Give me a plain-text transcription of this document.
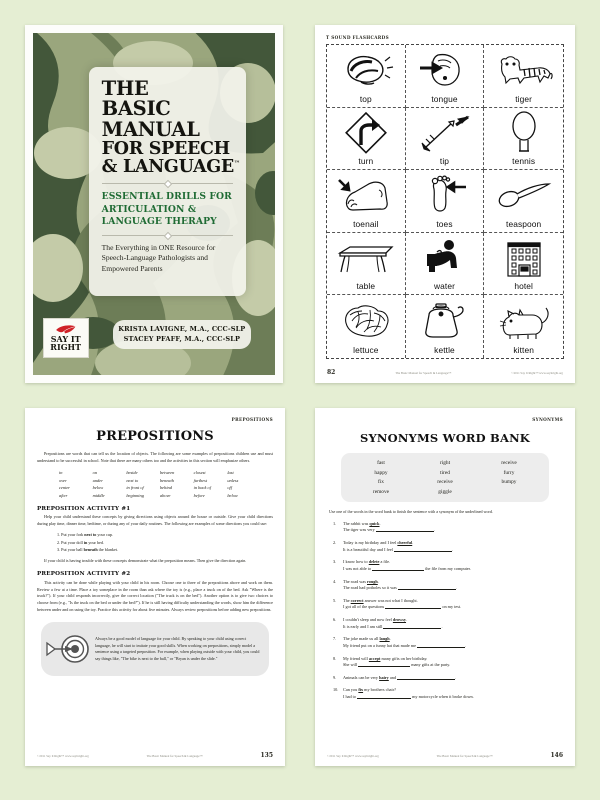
THE
BASIC
MANUAL
FOR SPEECH
& LANGUAGE™
ESSENTIAL DRILLS FOR
ARTICULATION &
LANGUAGE THERAPY
The Everything in ONE Resource for
Speech-Language Pathologists and
Empowered Parents
SAY IT
RIGHT
KRISTA LAVIGNE, M.A., CCC-SLP
STACEY PFAFF, M.A., CCC-SLP
T SOUND FLASHCARDS
top	tongue	tiger
turn	tip	tennis
toenail	toes	teaspoon
table	water	hotel
lettuce	kettle	kitten
82	The Basic Manual for Speech & Language™	©2011 Say It Right™ www.sayitright.org
PREPOSITIONS
PREPOSITIONS
Prepositions are words that can tell us the location of objects. The following are some examples of prepositions children use and must understand to be successful in school. Note that there are many others too and the activities in this section will emphasize others.
in	on	beside	between	closest	last
over	under	next to	beneath	furthest	unless
center	below	in front of	behind	in back of	off
after	middle	beginning	above	before	below
PREPOSITION ACTIVITY #1
Help your child understand these concepts by giving directions using objects around the house or outside. Give your child directions during play time, dinner time, bedtime, or during any of your daily routines. The following are examples of some directions you could use:
1. Put your fork next to your cup.
2. Put your doll in your bed.
3. Put your ball beneath the blanket.
If your child is having trouble with these concepts demonstrate what the preposition means. Then give the direction again.
PREPOSITION ACTIVITY #2
This activity can be done while playing with your child in his room. Choose one to three of the prepositions above and work on them. Review a few at a time. Place a toy someplace in the room than ask where the toy is (e.g., place a truck on of the bed. Ask "Where is the truck?"). If your child responds incorrectly, give the correct location ("The truck is on the bed"). Another option is to give two choices to choose from (e.g., "Is the truck on the bed or under the bed?"). If he is still having difficulty understanding the words, show him the difference between under and on using the toy. Practice this activity for about five minutes. Always review prepositions before adding new prepositions.
Always be a good model of language for your child. By speaking to your child using correct language, he will start to imitate your good skills. When working on prepositions, simply model a sentence using a targeted preposition. For example, when playing outside with your child, you could say things like, "The bike is next to the ball," or "Bryan is under the slide."
©2011 Say It Right™ www.sayitright.org	The Basic Manual for Speech & Language™	135
SYNONYMS
SYNONYMS WORD BANK
fast	right	receive
happy	tired	furry
fix	receive	bumpy
remove	giggle
Use one of the words in the word bank to finish the sentence with a synonym of the underlined word.
1.	The rabbit was quick.
The tiger was very	.
2.	Today is my birthday and I feel cheerful.
It is a beautiful day and I feel	.
3.	I know how to delete a file.
I was not able to	the file from my computer.
4.	The road was rough.
The road had potholes so it was	.
5.	The correct answer was not what I thought.
I got all of the questions	on my test.
6.	I couldn't sleep and now feel drowsy.
It is early and I am still	.
7.	The joke made us all laugh.
My friend put on a funny hat that made me	.
8.	My friend will accept many gifts on her birthday.
She will	many gifts at the party.
9.	Animals can be very hairy and	.
10.	Can you fix my brothers chair?
I had to	my motorcycle when it broke down.
©2011 Say It Right™ www.sayitright.org	The Basic Manual for Speech & Language™	146
